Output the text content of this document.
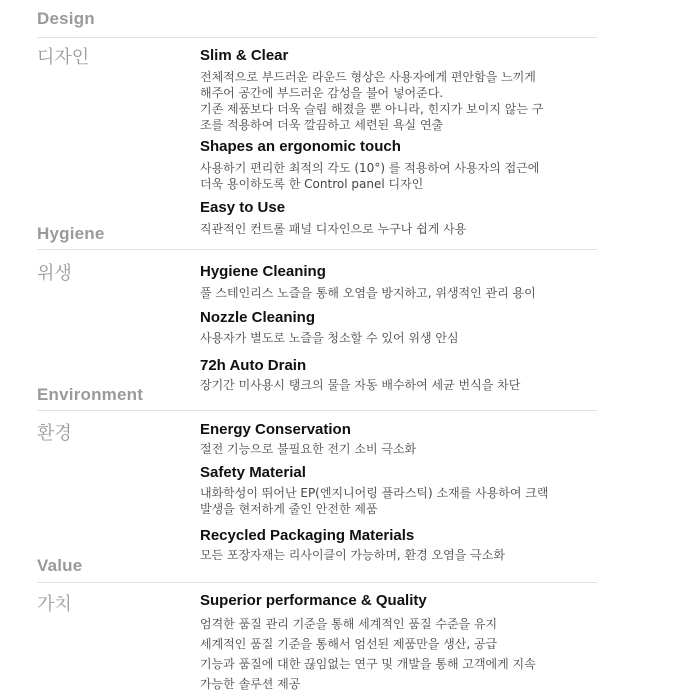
Design
디자인	Slim & Clear
전체적으로 부드러운 라운드 형상은 사용자에게 편안함을 느끼게
해주어 공간에 부드러운 감성을 불어 넣어준다.
기존 제품보다 더욱 슬림 해졌을 뿐 아니라, 힌지가 보이지 않는 구
조를 적용하여 더욱 깔끔하고 세련된 욕실 연출
Shapes an ergonomic touch
사용하기 편리한 최적의 각도 (10°) 를 적용하여 사용자의 접근에
더욱 용이하도록 한 Control panel 디자인
Easy to Use
직관적인 컨트롤 패널 디자인으로 누구나 쉽게 사용
Hygiene
위생	Hygiene Cleaning
풀 스테인리스 노즐을 통해 오염을 방지하고, 위생적인 관리 용이
Nozzle Cleaning
사용자가 별도로 노즐을 청소할 수 있어 위생 안심
72h Auto Drain
장기간 미사용시 탱크의 물을 자동 배수하여 세균 번식을 차단
Environment
환경	Energy Conservation
절전 기능으로 불필요한 전기 소비 극소화
Safety Material
내화학성이 뛰어난 EP(엔지니어링 플라스틱) 소재를 사용하여 크랙
발생을 현저하게 줄인 안전한 제품
Recycled Packaging Materials
모든 포장자재는 리사이클이 가능하며, 환경 오염을 극소화
Value
가치	Superior performance & Quality
엄격한 품질 관리 기준을 통해 세계적인 품질 수준을 유지
세계적인 품질 기준을 통해서 엄선된 제품만을 생산, 공급
기능과 품질에 대한 끊임없는 연구 및 개발을 통해 고객에게 지속
가능한 솔루션 제공
